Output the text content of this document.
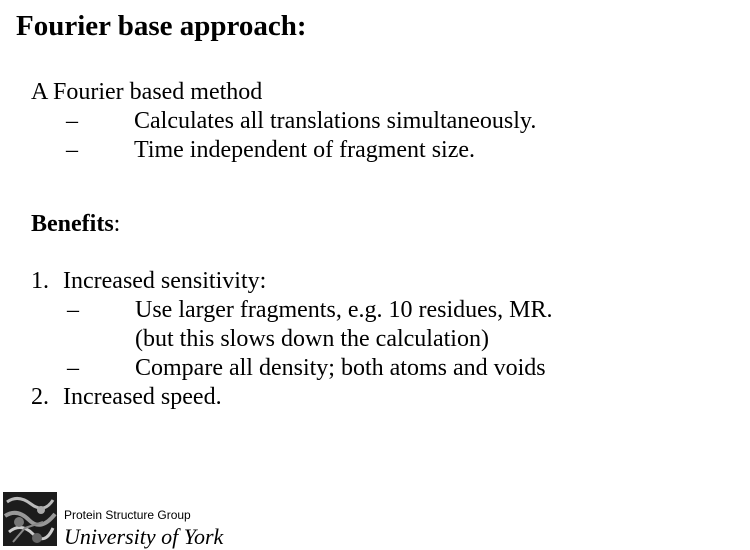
Fourier base approach:
A Fourier based method
– Calculates all translations simultaneously.
– Time independent of fragment size.
Benefits:
1. Increased sensitivity:
– Use larger fragments, e.g. 10 residues, MR.
(but this slows down the calculation)
– Compare all density; both atoms and voids
2. Increased speed.
Protein Structure Group
University of York
